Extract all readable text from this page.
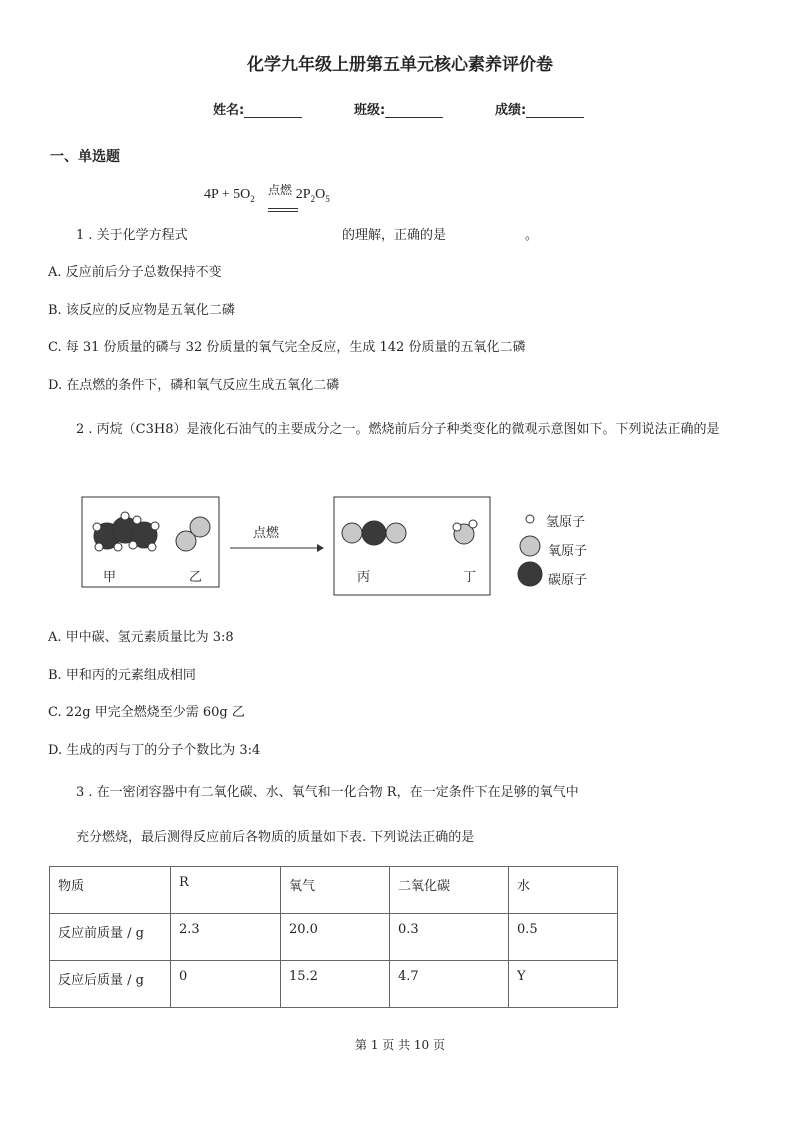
化学九年级上册第五单元核心素养评价卷
姓名:	班级:	成绩:
一、单选题
$4P + 5O_2$	$2P_2O_5$
点燃
1 . 关于化学方程式	的理解，正确的是	。
A. 反应前后分子总数保持不变
B. 该反应的反应物是五氧化二磷
C. 每 31 份质量的磷与 32 份质量的氧气完全反应，生成 142 份质量的五氧化二磷
D. 在点燃的条件下，磷和氧气反应生成五氧化二磷
2 . 丙烷（C3H8）是液化石油气的主要成分之一。燃烧前后分子种类变化的微观示意图如下。下列说法正确的是
点燃
甲	乙	丙	丁
氢原子
氧原子
碳原子
A. 甲中碳、氢元素质量比为 3:8
B. 甲和丙的元素组成相同
C. 22g 甲完全燃烧至少需 60g 乙
D. 生成的丙与丁的分子个数比为 3:4
3 . 在一密闭容器中有二氧化碳、水、氧气和一化合物 R，在一定条件下在足够的氧气中
充分燃烧，最后测得反应前后各物质的质量如下表. 下列说法正确的是
物质	R	氧气	二氧化碳	水
反应前质量 / g	2.3	20.0	0.3	0.5
反应后质量 / g	0	15.2	4.7	Y
第 1 页 共 10 页
